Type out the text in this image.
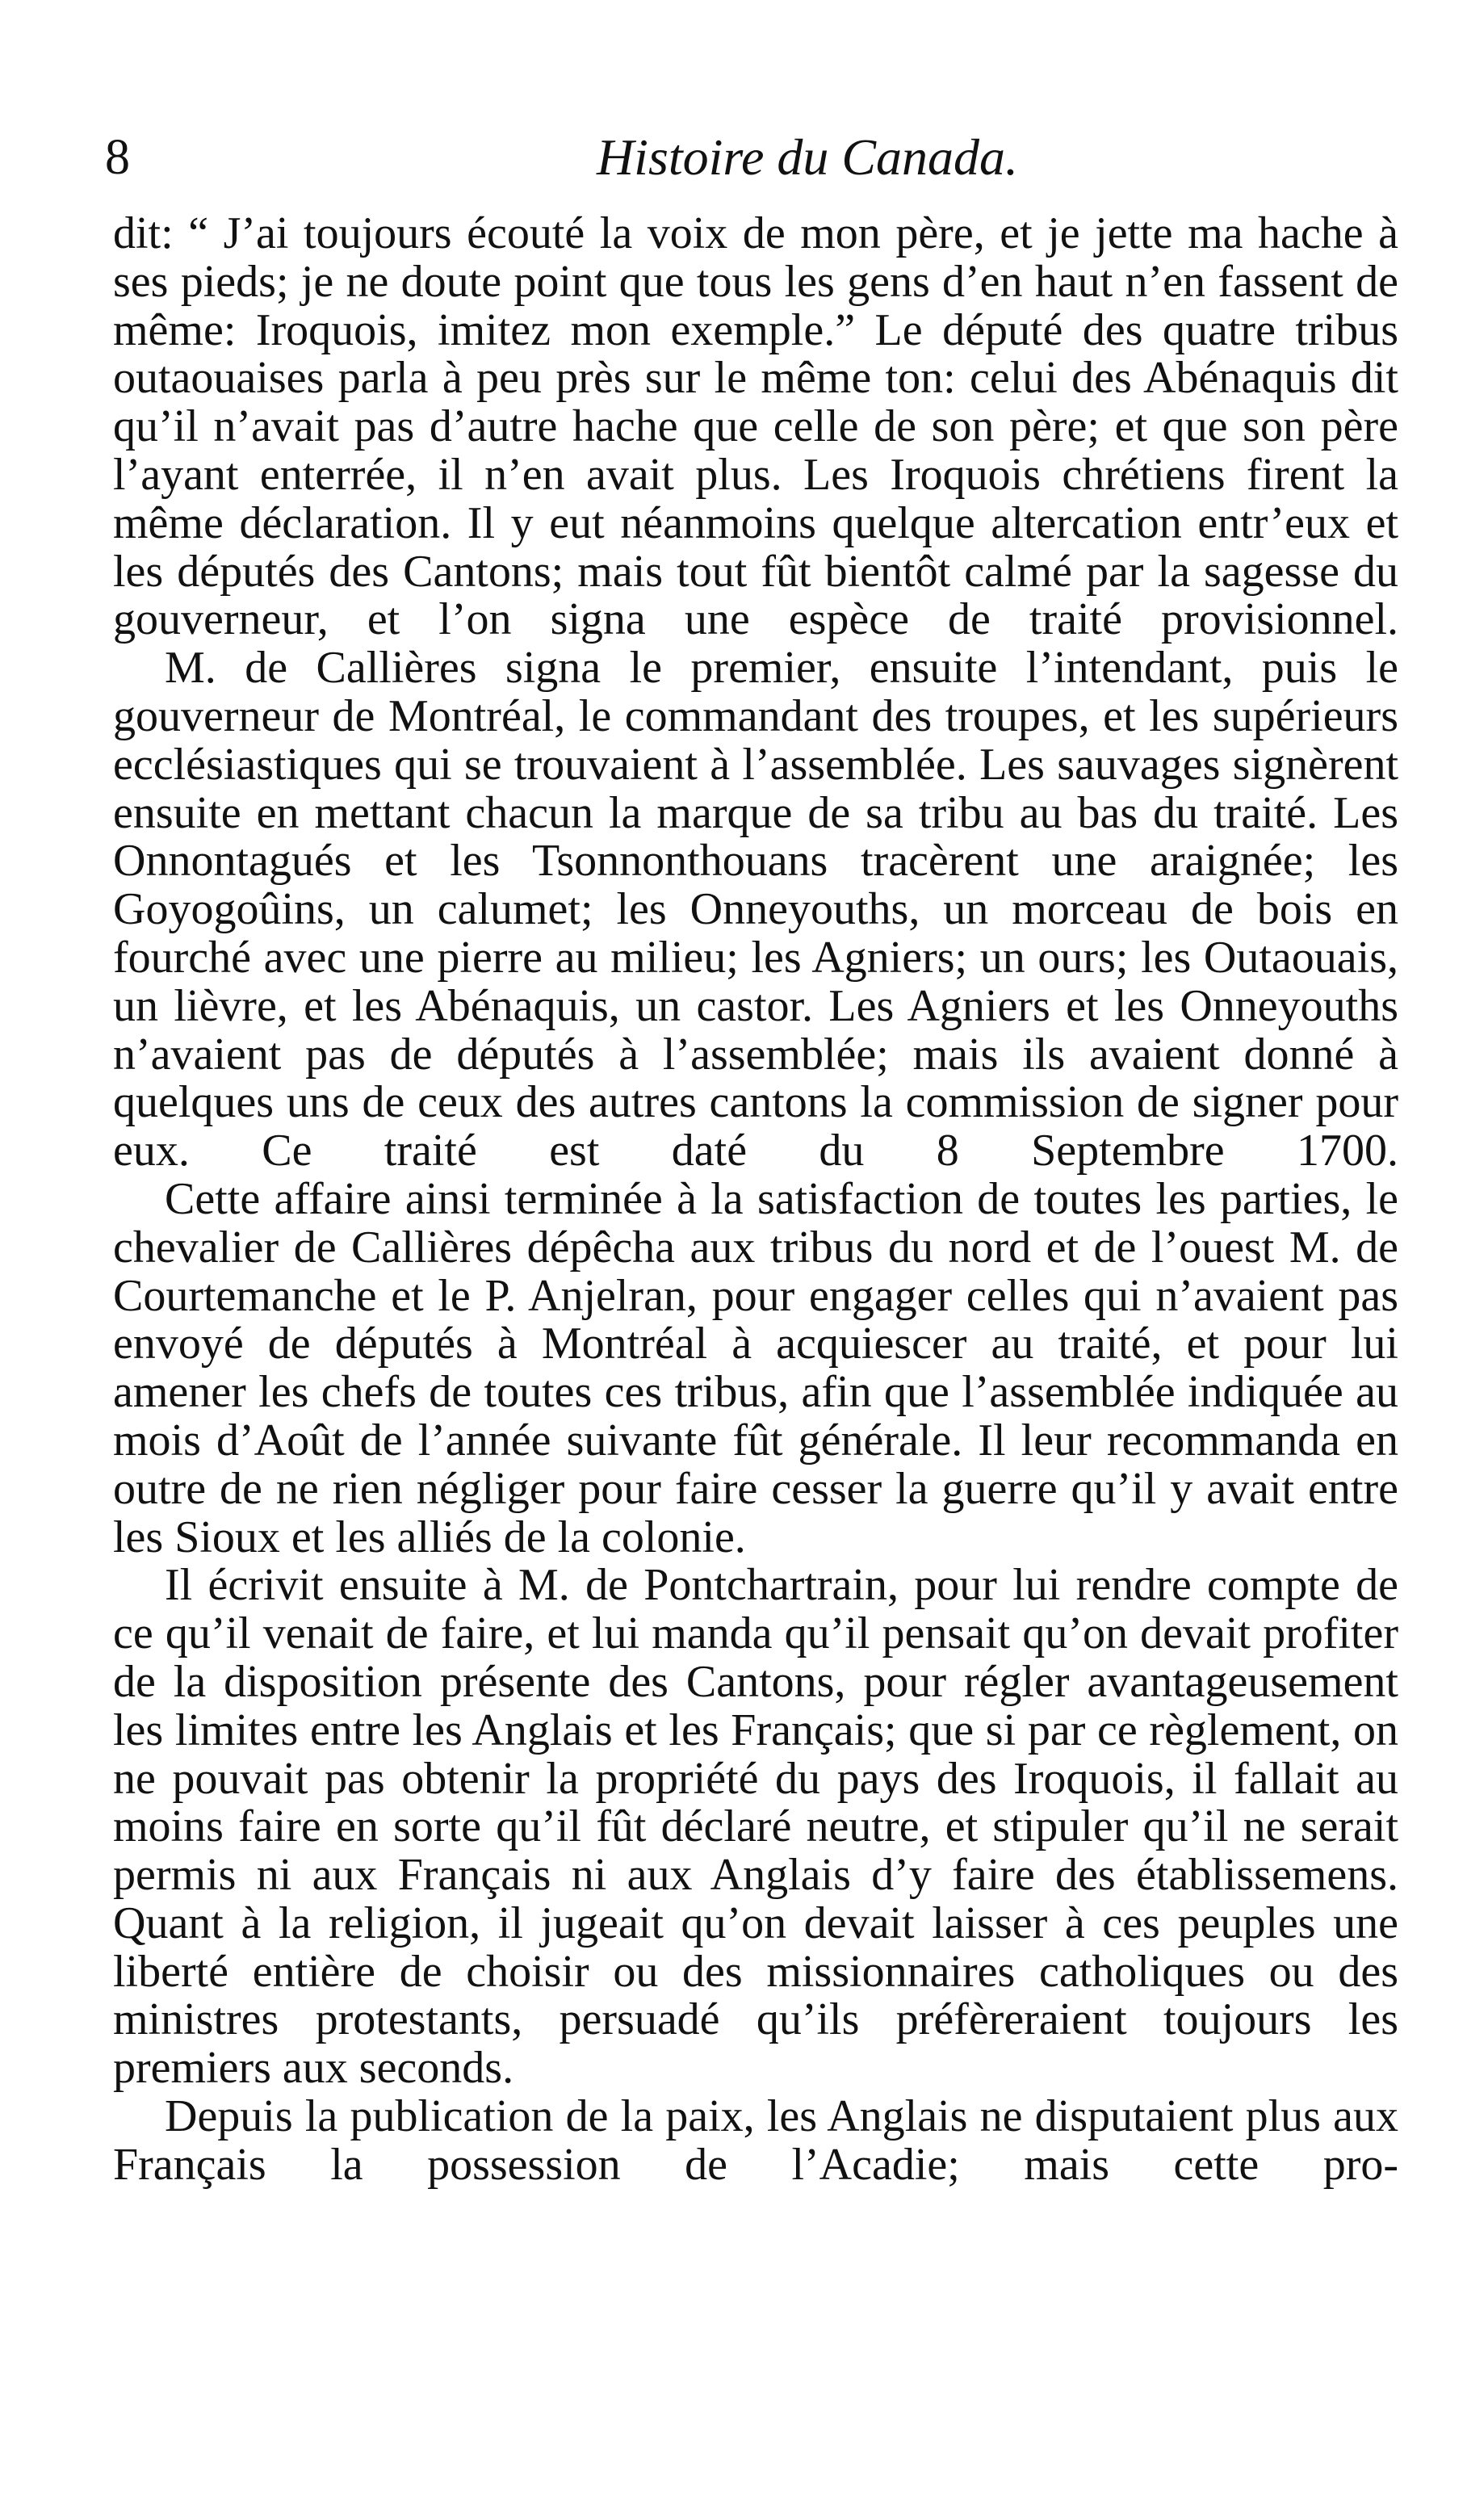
8	Histoire du Canada.

dit: “ J’ai toujours écouté la voix de mon père, et je jette ma hache à ses pieds; je ne doute point que tous les gens d’en haut n’en fassent de même: Iroquois, imitez mon exemple.” Le député des quatre tribus outaouaises parla à peu près sur le même ton: celui des Abénaquis dit qu’il n’avait pas d’autre hache que celle de son père; et que son père l’ayant enterrée, il n’en avait plus. Les Iroquois chrétiens firent la même déclaration. Il y eut néanmoins quelque altercation entr’eux et les députés des Cantons; mais tout fût bientôt calmé par la sagesse du gouverneur, et l’on signa une espèce de traité provisionnel.

M. de Callières signa le premier, ensuite l’intendant, puis le gouverneur de Montréal, le commandant des troupes, et les supérieurs ecclésiastiques qui se trouvaient à l’assemblée. Les sauvages signèrent ensuite en mettant chacun la marque de sa tribu au bas du traité. Les Onnontagués et les Tsonnonthouans tracèrent une araignée; les Goyogoûins, un calumet; les Onneyouths, un morceau de bois en fourché avec une pierre au milieu; les Agniers; un ours; les Outaouais, un lièvre, et les Abénaquis, un castor. Les Agniers et les Onneyouths n’avaient pas de députés à l’assemblée; mais ils avaient donné à quelques uns de ceux des autres cantons la commission de signer pour eux. Ce traité est daté du 8 Septembre 1700.

Cette affaire ainsi terminée à la satisfaction de toutes les parties, le chevalier de Callières dépêcha aux tribus du nord et de l’ouest M. de Courtemanche et le P. Anjelran, pour engager celles qui n’avaient pas envoyé de députés à Montréal à acquiescer au traité, et pour lui amener les chefs de toutes ces tribus, afin que l’assemblée indiquée au mois d’Août de l’année suivante fût générale. Il leur recommanda en outre de ne rien négliger pour faire cesser la guerre qu’il y avait entre les Sioux et les alliés de la colonie.

Il écrivit ensuite à M. de Pontchartrain, pour lui rendre compte de ce qu’il venait de faire, et lui manda qu’il pensait qu’on devait profiter de la disposition présente des Cantons, pour régler avantageusement les limites entre les Anglais et les Français; que si par ce règlement, on ne pouvait pas obtenir la propriété du pays des Iroquois, il fallait au moins faire en sorte qu’il fût déclaré neutre, et stipuler qu’il ne serait permis ni aux Français ni aux Anglais d’y faire des établissemens. Quant à la religion, il jugeait qu’on devait laisser à ces peuples une liberté entière de choisir ou des missionnaires catholiques ou des ministres protestants, persuadé qu’ils préfèreraient toujours les premiers aux seconds.

Depuis la publication de la paix, les Anglais ne disputaient plus aux Français la possession de l’Acadie; mais cette pro-
